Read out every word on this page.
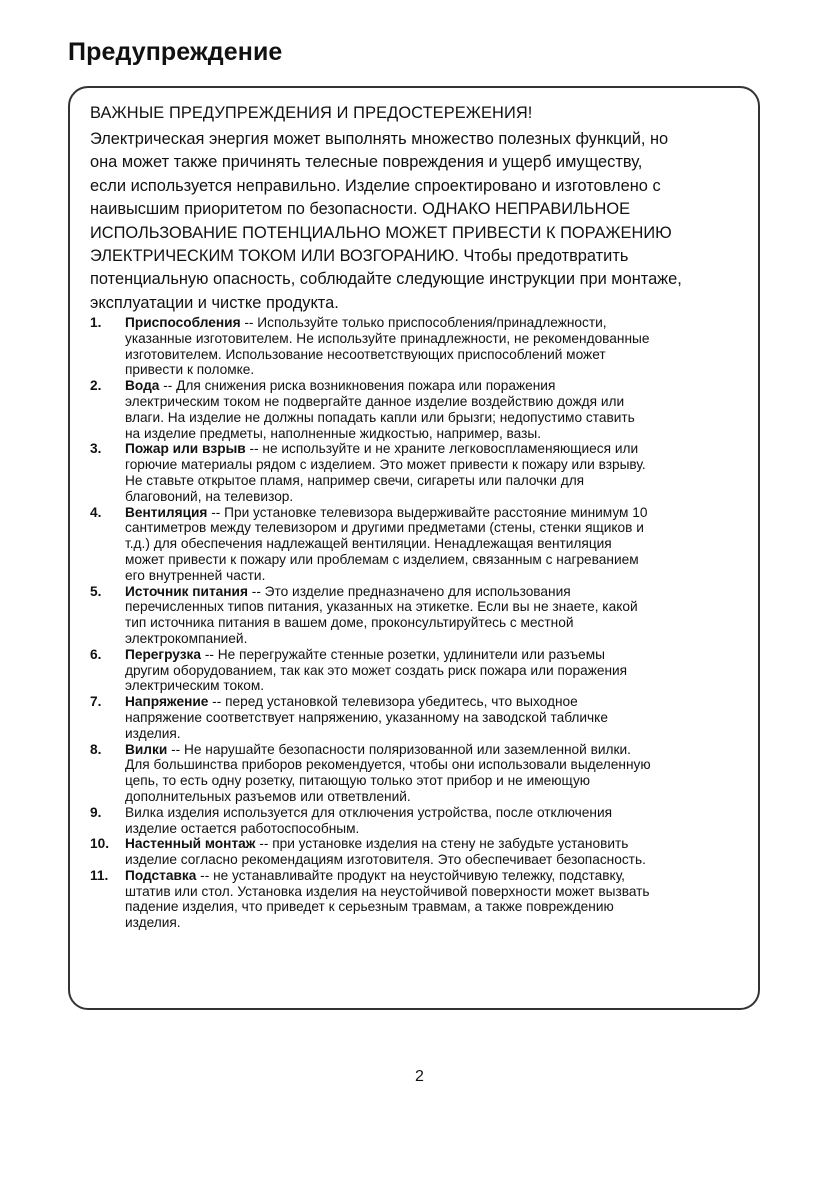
Предупреждение
ВАЖНЫЕ ПРЕДУПРЕЖДЕНИЯ И ПРЕДОСТЕРЕЖЕНИЯ!
Электрическая энергия может выполнять множество полезных функций, но
она может также причинять телесные повреждения и ущерб имуществу,
если используется неправильно. Изделие спроектировано и изготовлено с
наивысшим приоритетом по безопасности. ОДНАКО НЕПРАВИЛЬНОЕ
ИСПОЛЬЗОВАНИЕ ПОТЕНЦИАЛЬНО МОЖЕТ ПРИВЕСТИ К ПОРАЖЕНИЮ
ЭЛЕКТРИЧЕСКИМ ТОКОМ ИЛИ ВОЗГОРАНИЮ. Чтобы предотвратить
потенциальную опасность, соблюдайте следующие инструкции при монтаже,
эксплуатации и чистке продукта.
1. Приспособления -- Используйте только приспособления/принадлежности,
указанные изготовителем. Не используйте принадлежности, не рекомендованные
изготовителем. Использование несоответствующих приспособлений может
привести к поломке.
2. Вода -- Для снижения риска возникновения пожара или поражения
электрическим током не подвергайте данное изделие воздействию дождя или
влаги. На изделие не должны попадать капли или брызги; недопустимо ставить
на изделие предметы, наполненные жидкостью, например, вазы.
3. Пожар или взрыв -- не используйте и не храните легковоспламеняющиеся или
горючие материалы рядом с изделием. Это может привести к пожару или взрыву.
Не ставьте открытое пламя, например свечи, сигареты или палочки для
благовоний, на телевизор.
4. Вентиляция -- При установке телевизора выдерживайте расстояние минимум 10
сантиметров между телевизором и другими предметами (стены, стенки ящиков и
т.д.) для обеспечения надлежащей вентиляции. Ненадлежащая вентиляция
может привести к пожару или проблемам с изделием, связанным с нагреванием
его внутренней части.
5. Источник питания -- Это изделие предназначено для использования
перечисленных типов питания, указанных на этикетке. Если вы не знаете, какой
тип источника питания в вашем доме, проконсультируйтесь с местной
электрокомпанией.
6. Перегрузка -- Не перегружайте стенные розетки, удлинители или разъемы
другим оборудованием, так как это может создать риск пожара или поражения
электрическим током.
7. Напряжение -- перед установкой телевизора убедитесь, что выходное
напряжение соответствует напряжению, указанному на заводской табличке
изделия.
8. Вилки -- Не нарушайте безопасности поляризованной или заземленной вилки.
Для большинства приборов рекомендуется, чтобы они использовали выделенную
цепь, то есть одну розетку, питающую только этот прибор и не имеющую
дополнительных разъемов или ответвлений.
9. Вилка изделия используется для отключения устройства, после отключения
изделие остается работоспособным.
10. Настенный монтаж -- при установке изделия на стену не забудьте установить
изделие согласно рекомендациям изготовителя. Это обеспечивает безопасность.
11. Подставка -- не устанавливайте продукт на неустойчивую тележку, подставку,
штатив или стол. Установка изделия на неустойчивой поверхности может вызвать
падение изделия, что приведет к серьезным травмам, а также повреждению
изделия.
2
